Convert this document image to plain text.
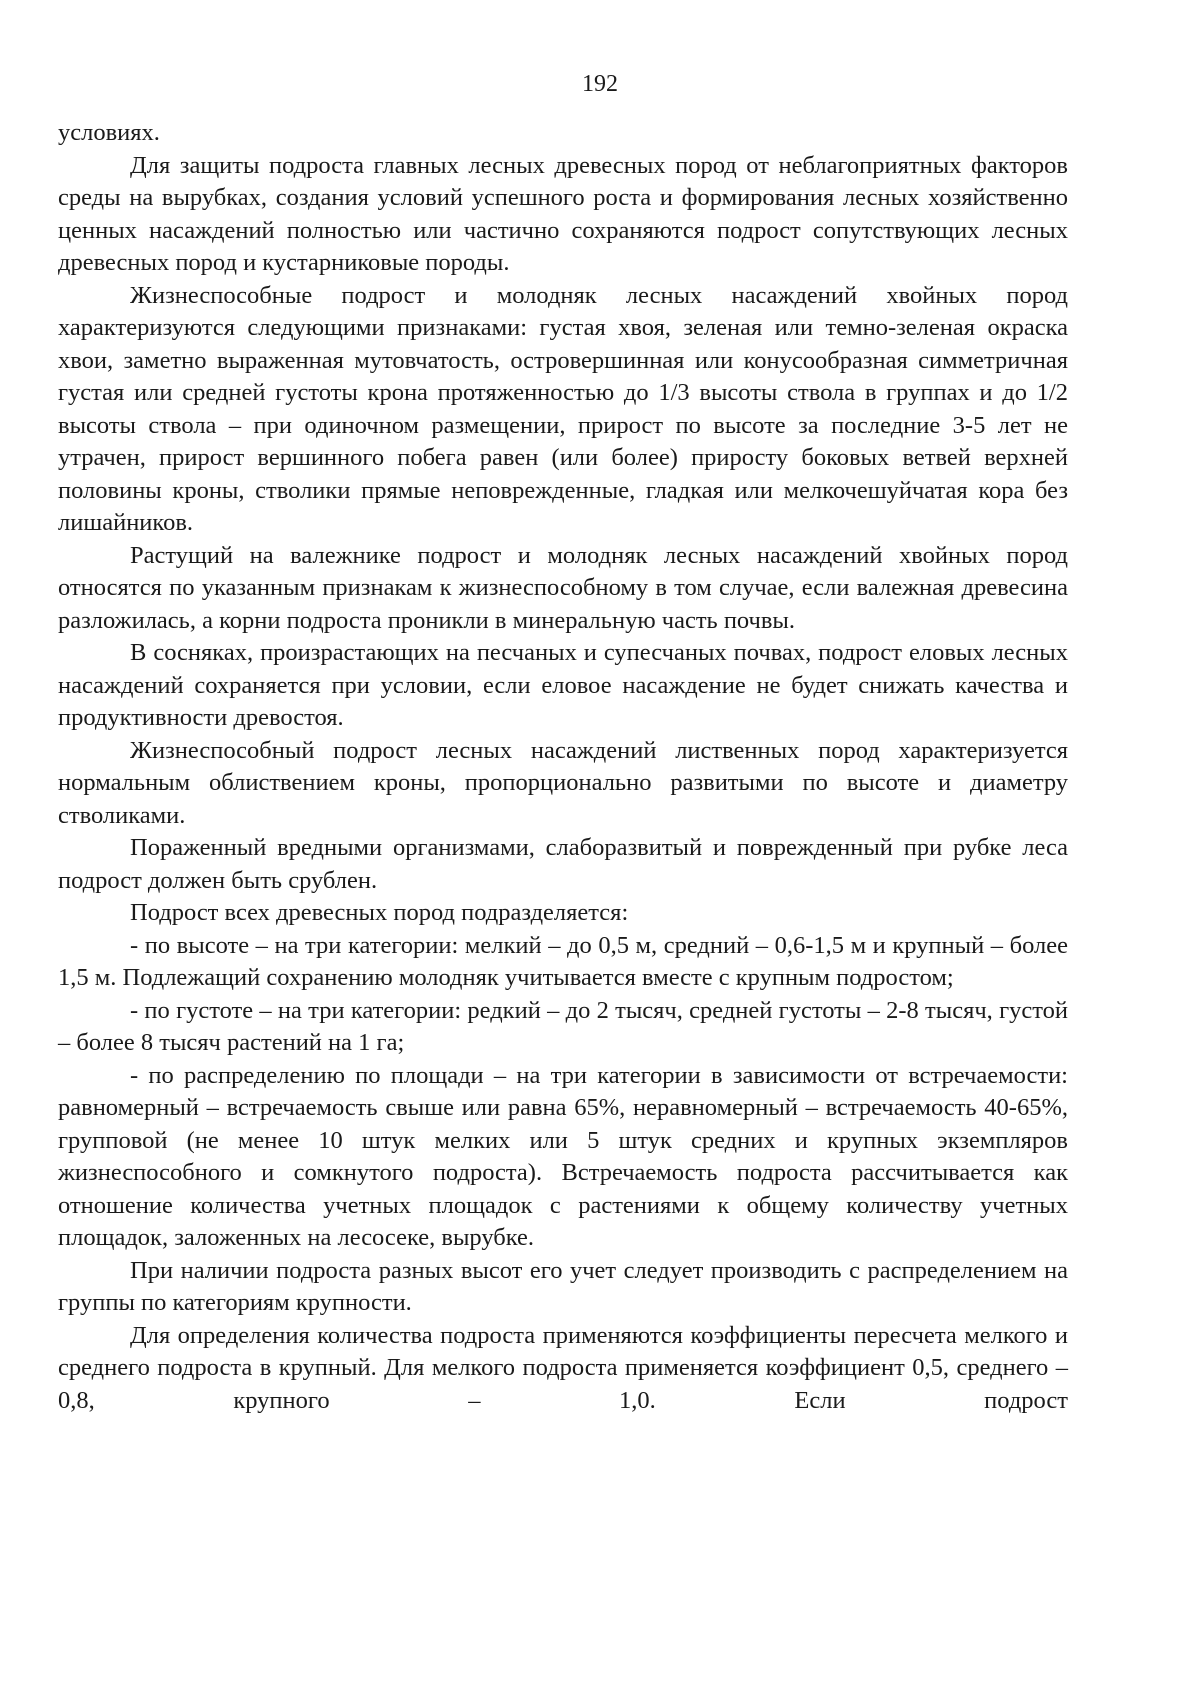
192

условиях.

Для защиты подроста главных лесных древесных пород от неблагоприятных факторов среды на вырубках, создания условий успешного роста и формирования лесных хозяйственно ценных насаждений полностью или частично сохраняются подрост сопутствующих лесных древесных пород и кустарниковые породы.

Жизнеспособные подрост и молодняк лесных насаждений хвойных пород характеризуются следующими признаками: густая хвоя, зеленая или темно-зеленая окраска хвои, заметно выраженная мутовчатость, островершинная или конусообразная симметричная густая или средней густоты крона протяженностью до 1/3 высоты ствола в группах и до 1/2 высоты ствола – при одиночном размещении, прирост по высоте за последние 3-5 лет не утрачен, прирост вершинного побега равен (или более) приросту боковых ветвей верхней половины кроны, стволики прямые неповрежденные, гладкая или мелкочешуйчатая кора без лишайников.

Растущий на валежнике подрост и молодняк лесных насаждений хвойных пород относятся по указанным признакам к жизнеспособному в том случае, если валежная древесина разложилась, а корни подроста проникли в минеральную часть почвы.

В сосняках, произрастающих на песчаных и супесчаных почвах, подрост еловых лесных насаждений сохраняется при условии, если еловое насаждение не будет снижать качества и продуктивности древостоя.

Жизнеспособный подрост лесных насаждений лиственных пород характеризуется нормальным облиствением кроны, пропорционально развитыми по высоте и диаметру стволиками.

Пораженный вредными организмами, слаборазвитый и поврежденный при рубке леса подрост должен быть срублен.

Подрост всех древесных пород подразделяется:

- по высоте – на три категории: мелкий – до 0,5 м, средний – 0,6-1,5 м и крупный – более 1,5 м. Подлежащий сохранению молодняк учитывается вместе с крупным подростом;

- по густоте – на три категории: редкий – до 2 тысяч, средней густоты – 2-8 тысяч, густой – более 8 тысяч растений на 1 га;

- по распределению по площади – на три категории в зависимости от встречаемости: равномерный – встречаемость свыше или равна 65%, неравномерный – встречаемость 40-65%, групповой (не менее 10 штук мелких или 5 штук средних и крупных экземпляров жизнеспособного и сомкнутого подроста). Встречаемость подроста рассчитывается как отношение количества учетных площадок с растениями к общему количеству учетных площадок, заложенных на лесосеке, вырубке.

При наличии подроста разных высот его учет следует производить с распределением на группы по категориям крупности.

Для определения количества подроста применяются коэффициенты пересчета мелкого и среднего подроста в крупный. Для мелкого подроста применяется коэффициент 0,5, среднего – 0,8, крупного – 1,0. Если подрост
